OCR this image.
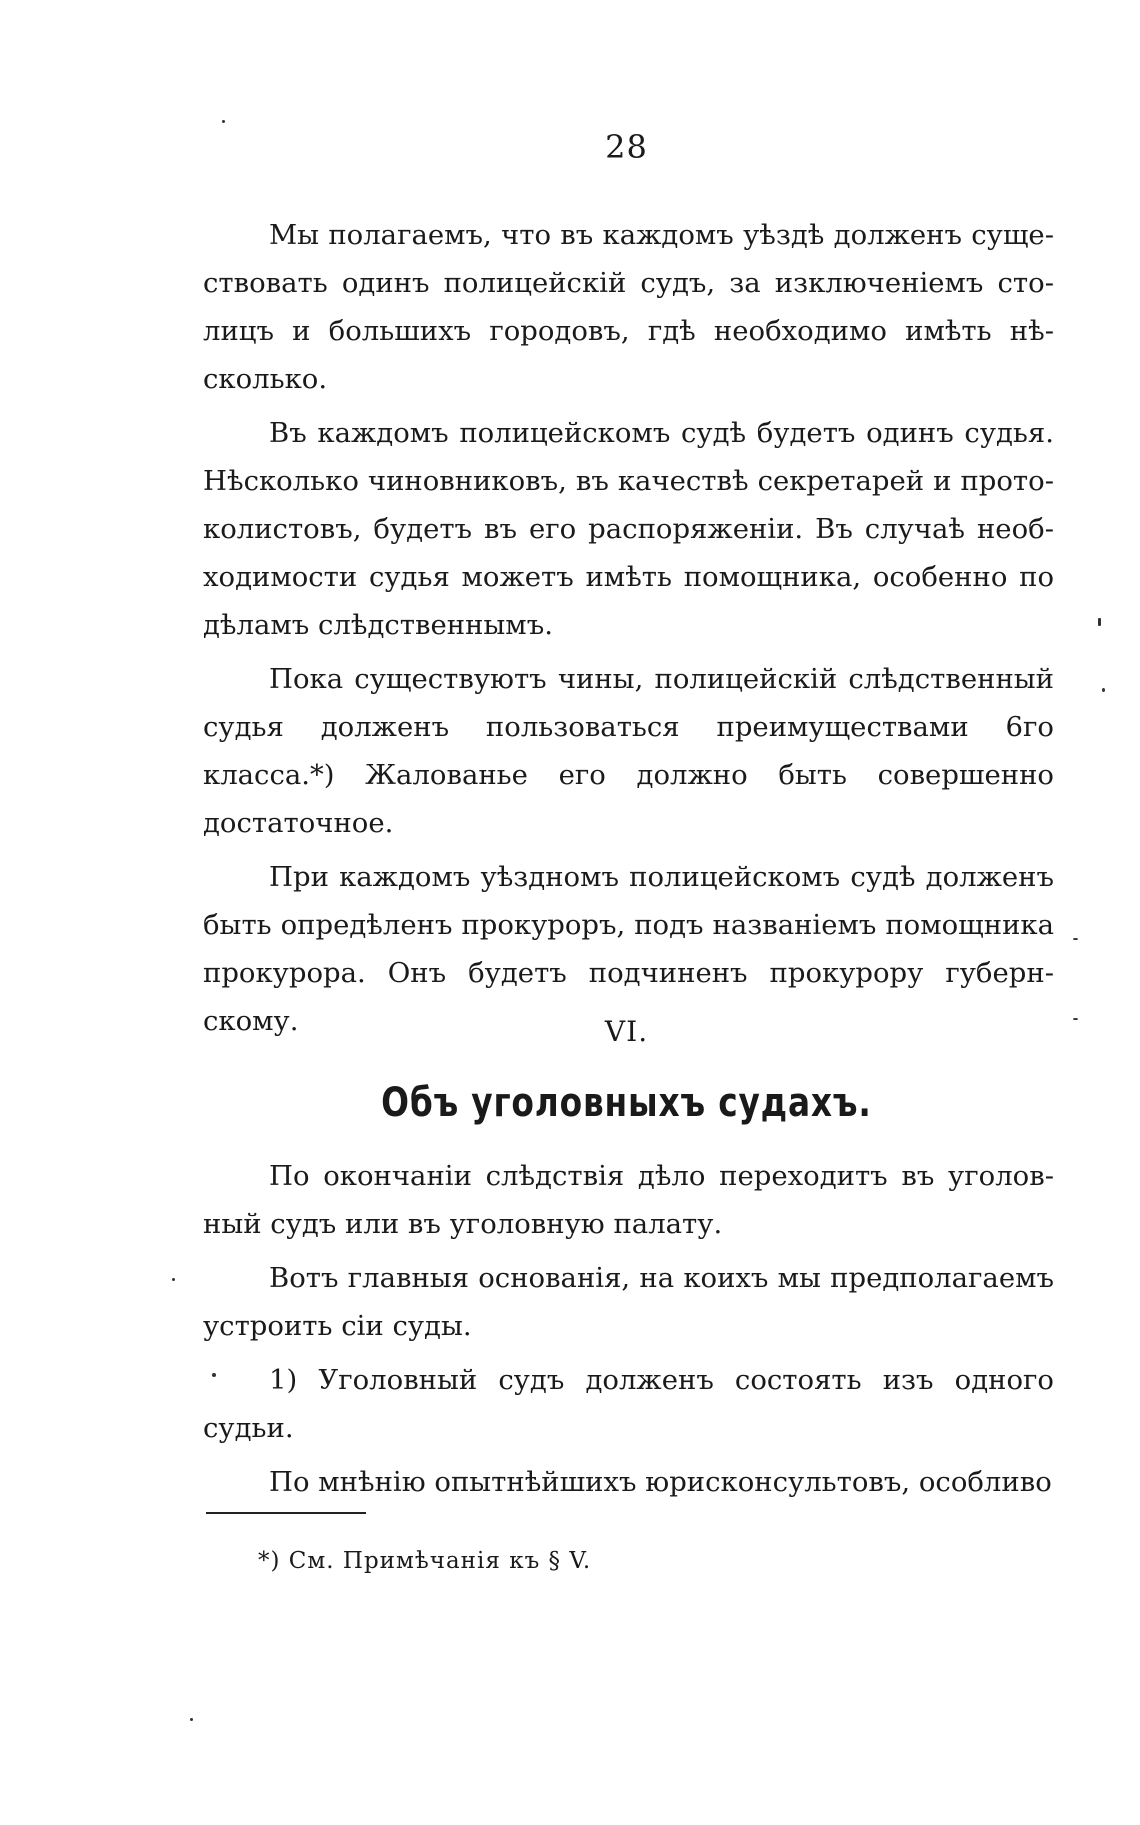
28

Мы полагаемъ, что въ каждомъ уѣздѣ долженъ суще- ствовать одинъ полицейскій судъ, за изключеніемъ сто- лицъ и большихъ городовъ, гдѣ необходимо имѣть нѣ- сколько.

Въ каждомъ полицейскомъ судѣ будетъ одинъ судья. Нѣсколько чиновниковъ, въ качествѣ секретарей и прото- колистовъ, будетъ въ его распоряженіи. Въ случаѣ необ- ходимости судья можетъ имѣть помощника, особенно по дѣламъ слѣдственнымъ.

Пока существуютъ чины, полицейскій слѣдственный судья долженъ пользоваться преимуществами 6го класса.*) Жалованье его должно быть совершенно достаточное.

При каждомъ уѣздномъ полицейскомъ судѣ долженъ быть опредѣленъ прокуроръ, подъ названіемъ помощника прокурора. Онъ будетъ подчиненъ прокурору губерн- скому.	VI.
Объ уголовныхъ судахъ.

По окончаніи слѣдствія дѣло переходитъ въ уголов- ный судъ или въ уголовную палату.

Вотъ главныя основанія, на коихъ мы предполагаемъ устроить сіи суды.

1) Уголовный судъ долженъ состоять изъ одного судьи.

По мнѣнію опытнѣйшихъ юрисконсультовъ, особливо

*) См. Примѣчанія къ § V.
